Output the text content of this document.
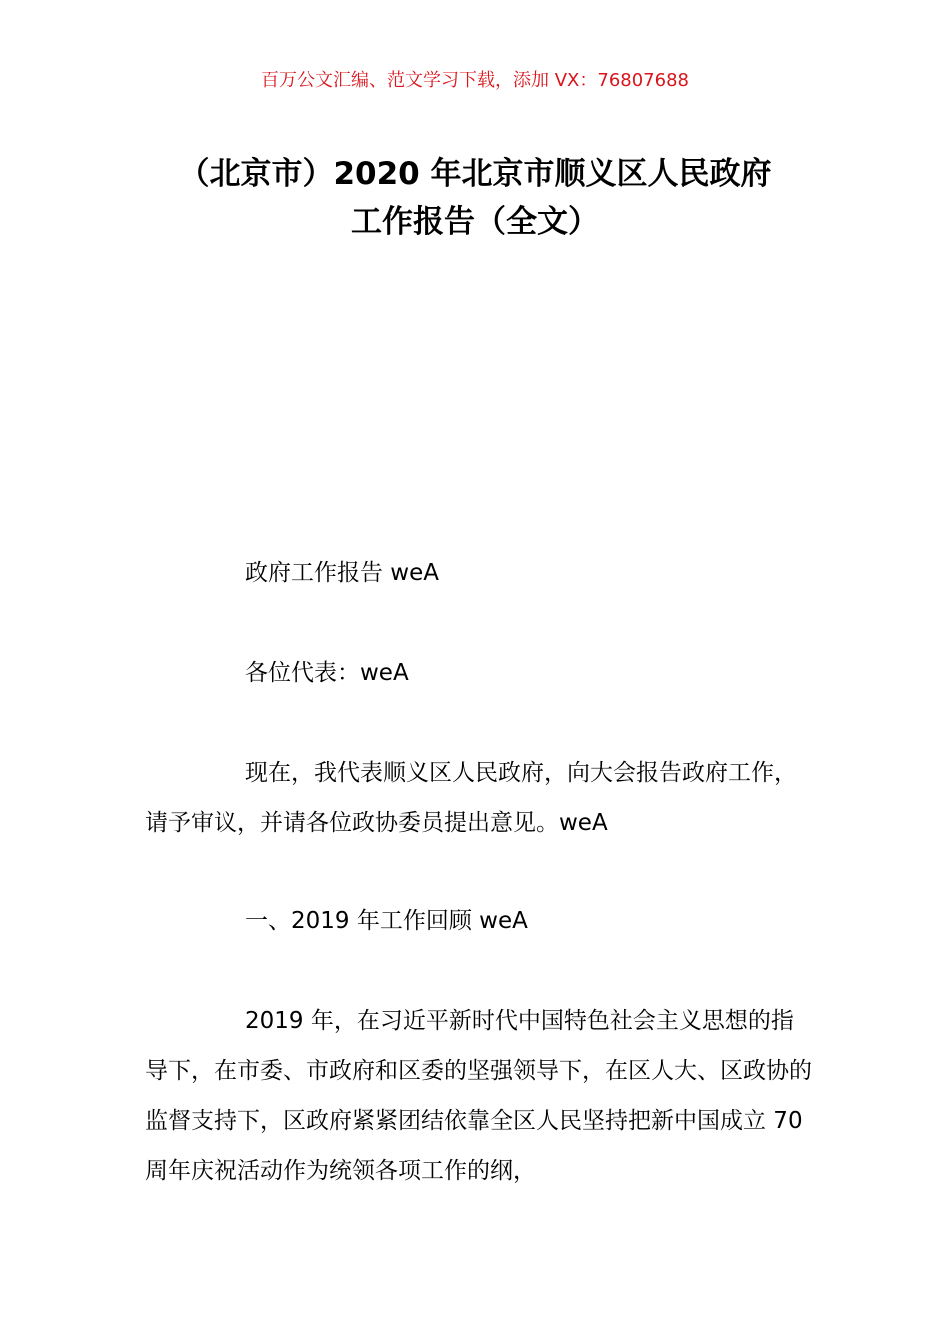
百万公文汇编、范文学习下载，添加 VX：76807688
（北京市）2020 年北京市顺义区人民政府
工作报告（全文）

政府工作报告 weA

各位代表：weA

现在，我代表顺义区人民政府，向大会报告政府工作，请予审议，并请各位政协委员提出意见。weA

一、2019 年工作回顾 weA

2019 年，在习近平新时代中国特色社会主义思想的指导下，在市委、市政府和区委的坚强领导下，在区人大、区政协的监督支持下，区政府紧紧团结依靠全区人民坚持把新中国成立 70 周年庆祝活动作为统领各项工作的纲，
